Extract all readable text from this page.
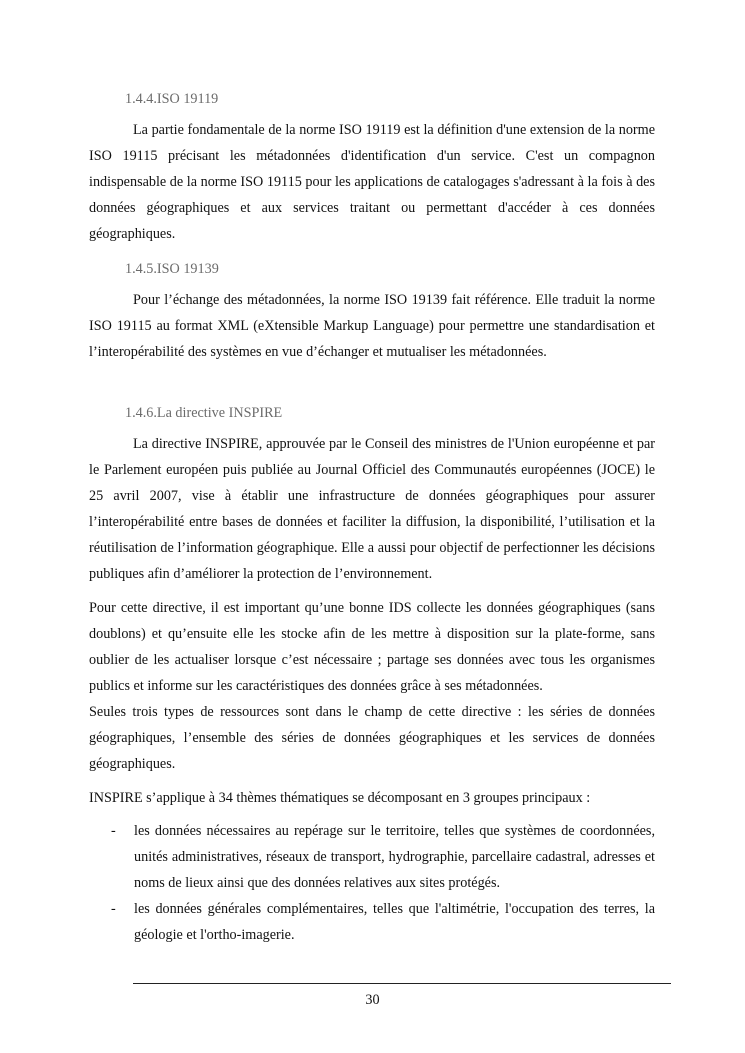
1.4.4.ISO 19119
La partie fondamentale de la norme ISO 19119 est la définition d'une extension de la norme ISO 19115 précisant les métadonnées d'identification d'un service. C'est un compagnon indispensable de la norme ISO 19115 pour les applications de catalogages s'adressant à la fois à des données géographiques et aux services traitant ou permettant d'accéder à ces données géographiques.
1.4.5.ISO 19139
Pour l’échange des métadonnées, la norme ISO 19139 fait référence. Elle traduit la norme ISO 19115 au format XML (eXtensible Markup Language) pour permettre une standardisation et l’interopérabilité des systèmes en vue d’échanger et mutualiser les métadonnées.
1.4.6.La directive INSPIRE
La directive INSPIRE, approuvée par le Conseil des ministres de l'Union européenne et par le Parlement européen puis publiée au Journal Officiel des Communautés européennes (JOCE) le 25 avril 2007, vise à établir une infrastructure de données géographiques pour assurer l’interopérabilité entre bases de données et faciliter la diffusion, la disponibilité, l’utilisation et la réutilisation de l’information géographique. Elle a aussi pour objectif de perfectionner les décisions publiques afin d’améliorer la protection de l’environnement.
Pour cette directive, il est important qu’une bonne IDS collecte les données géographiques (sans doublons) et qu’ensuite elle les stocke afin de les mettre à disposition sur la plate-forme, sans oublier de les actualiser lorsque c’est nécessaire ; partage ses données avec tous les organismes publics et informe sur les caractéristiques des données grâce à ses métadonnées.
Seules trois types de ressources sont dans le champ de cette directive : les séries de données géographiques, l’ensemble des séries de données géographiques et les services de données géographiques.
INSPIRE s’applique à 34 thèmes thématiques se décomposant en 3 groupes principaux :
- les données nécessaires au repérage sur le territoire, telles que systèmes de coordonnées, unités administratives, réseaux de transport, hydrographie, parcellaire cadastral, adresses et noms de lieux ainsi que des données relatives aux sites protégés.
- les données générales complémentaires, telles que l'altimétrie, l'occupation des terres, la géologie et l'ortho-imagerie.
30
